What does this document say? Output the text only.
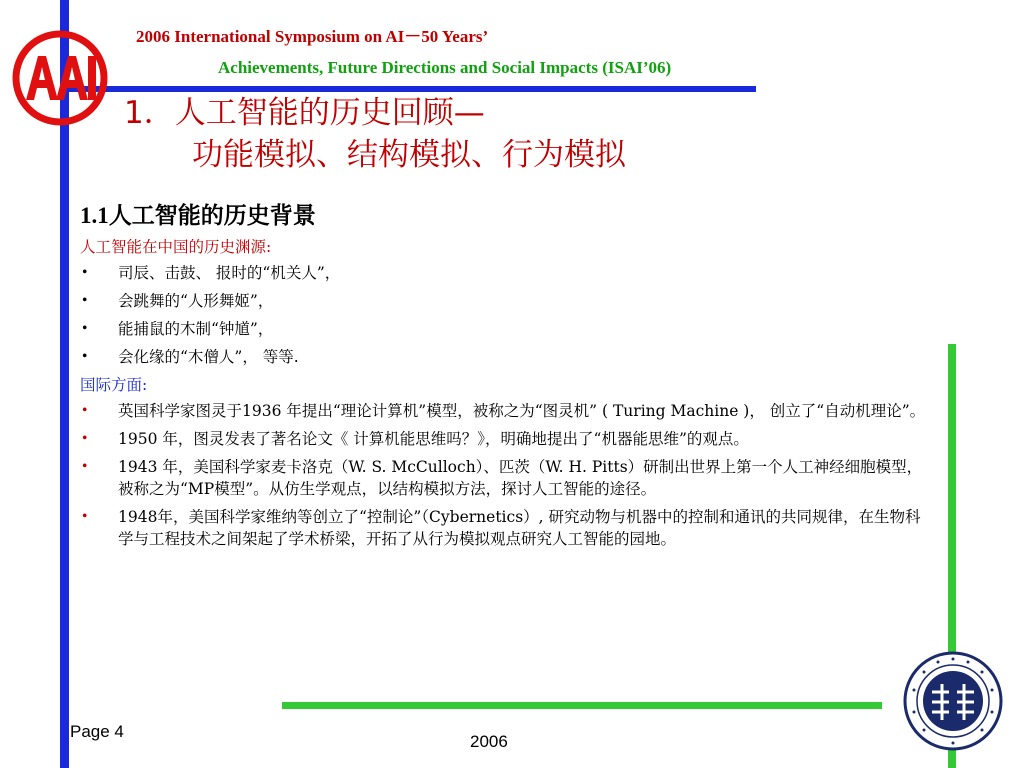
2006 International Symposium on AI－50 Years’
Achievements, Future Directions and Social Impacts (ISAI’06)
1．人工智能的历史回顾—
功能模拟、结构模拟、行为模拟
1.1人工智能的历史背景
人工智能在中国的历史渊源:
• 司辰、击鼓、 报时的“机关人”，
• 会跳舞的“人形舞姬”，
• 能捕鼠的木制“钟馗”，
• 会化缘的“木僧人”， 等等.
国际方面:
• 英国科学家图灵于1936 年提出“理论计算机”模型，被称之为“图灵机” ( Turing Machine )， 创立了“自动机理论”。
• 1950 年，图灵发表了著名论文《 计算机能思维吗？》，明确地提出了“机器能思维”的观点。
• 1943 年，美国科学家麦卡洛克（W. S. McCulloch）、匹茨（W. H. Pitts）研制出世界上第一个人工神经细胞模型，被称之为“MP模型”。从仿生学观点，以结构模拟方法，探讨人工智能的途径。
• 1948年，美国科学家维纳等创立了“控制论”（Cybernetics）, 研究动物与机器中的控制和通讯的共同规律，在生物科学与工程技术之间架起了学术桥梁，开拓了从行为模拟观点研究人工智能的园地。
Page 4
2006
